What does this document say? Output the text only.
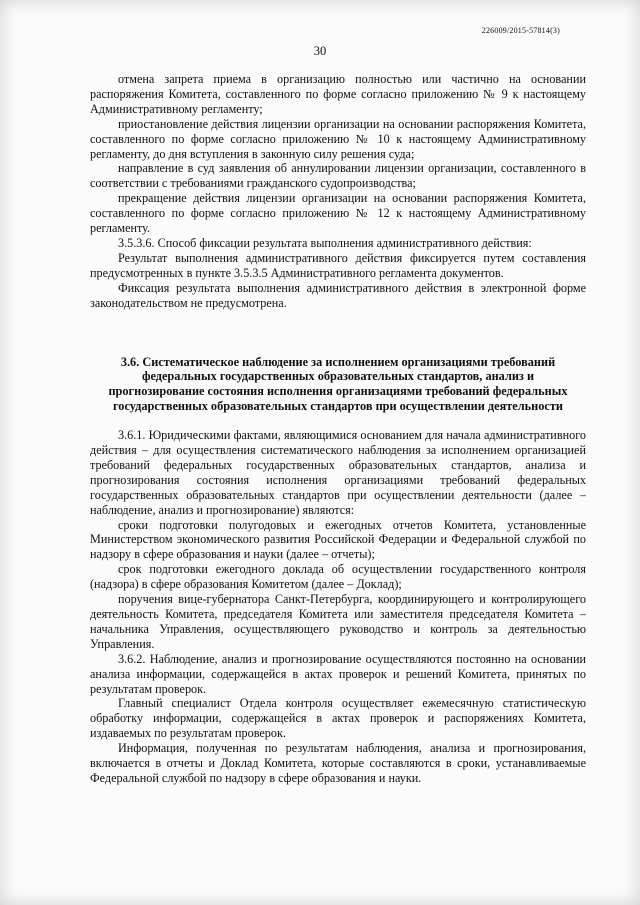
226009/2015-57814(3)
30

отмена запрета приема в организацию полностью или частично на основании распоряжения Комитета, составленного по форме согласно приложению № 9 к настоящему Административному регламенту;

приостановление действия лицензии организации на основании распоряжения Комитета, составленного по форме согласно приложению № 10 к настоящему Административному регламенту, до дня вступления в законную силу решения суда;

направление в суд заявления об аннулировании лицензии организации, составленного в соответствии с требованиями гражданского судопроизводства;

прекращение действия лицензии организации на основании распоряжения Комитета, составленного по форме согласно приложению № 12 к настоящему Административному регламенту.

3.5.3.6. Способ фиксации результата выполнения административного действия:

Результат выполнения административного действия фиксируется путем составления предусмотренных в пункте 3.5.3.5 Административного регламента документов.

Фиксация результата выполнения административного действия в электронной форме законодательством не предусмотрена.

3.6. Систематическое наблюдение за исполнением организациями требований федеральных государственных образовательных стандартов, анализ и прогнозирование состояния исполнения организациями требований федеральных государственных образовательных стандартов при осуществлении деятельности

3.6.1. Юридическими фактами, являющимися основанием для начала административного действия – для осуществления систематического наблюдения за исполнением организацией требований федеральных государственных образовательных стандартов, анализа и прогнозирования состояния исполнения организациями требований федеральных государственных образовательных стандартов при осуществлении деятельности (далее – наблюдение, анализ и прогнозирование) являются:

сроки подготовки полугодовых и ежегодных отчетов Комитета, установленные Министерством экономического развития Российской Федерации и Федеральной службой по надзору в сфере образования и науки (далее – отчеты);

срок подготовки ежегодного доклада об осуществлении государственного контроля (надзора) в сфере образования Комитетом (далее – Доклад);

поручения вице-губернатора Санкт-Петербурга, координирующего и контролирующего деятельность Комитета, председателя Комитета или заместителя председателя Комитета – начальника Управления, осуществляющего руководство и контроль за деятельностью Управления.

3.6.2. Наблюдение, анализ и прогнозирование осуществляются постоянно на основании анализа информации, содержащейся в актах проверок и решений Комитета, принятых по результатам проверок.

Главный специалист Отдела контроля осуществляет ежемесячную статистическую обработку информации, содержащейся в актах проверок и распоряжениях Комитета, издаваемых по результатам проверок.

Информация, полученная по результатам наблюдения, анализа и прогнозирования, включается в отчеты и Доклад Комитета, которые составляются в сроки, устанавливаемые Федеральной службой по надзору в сфере образования и науки.
